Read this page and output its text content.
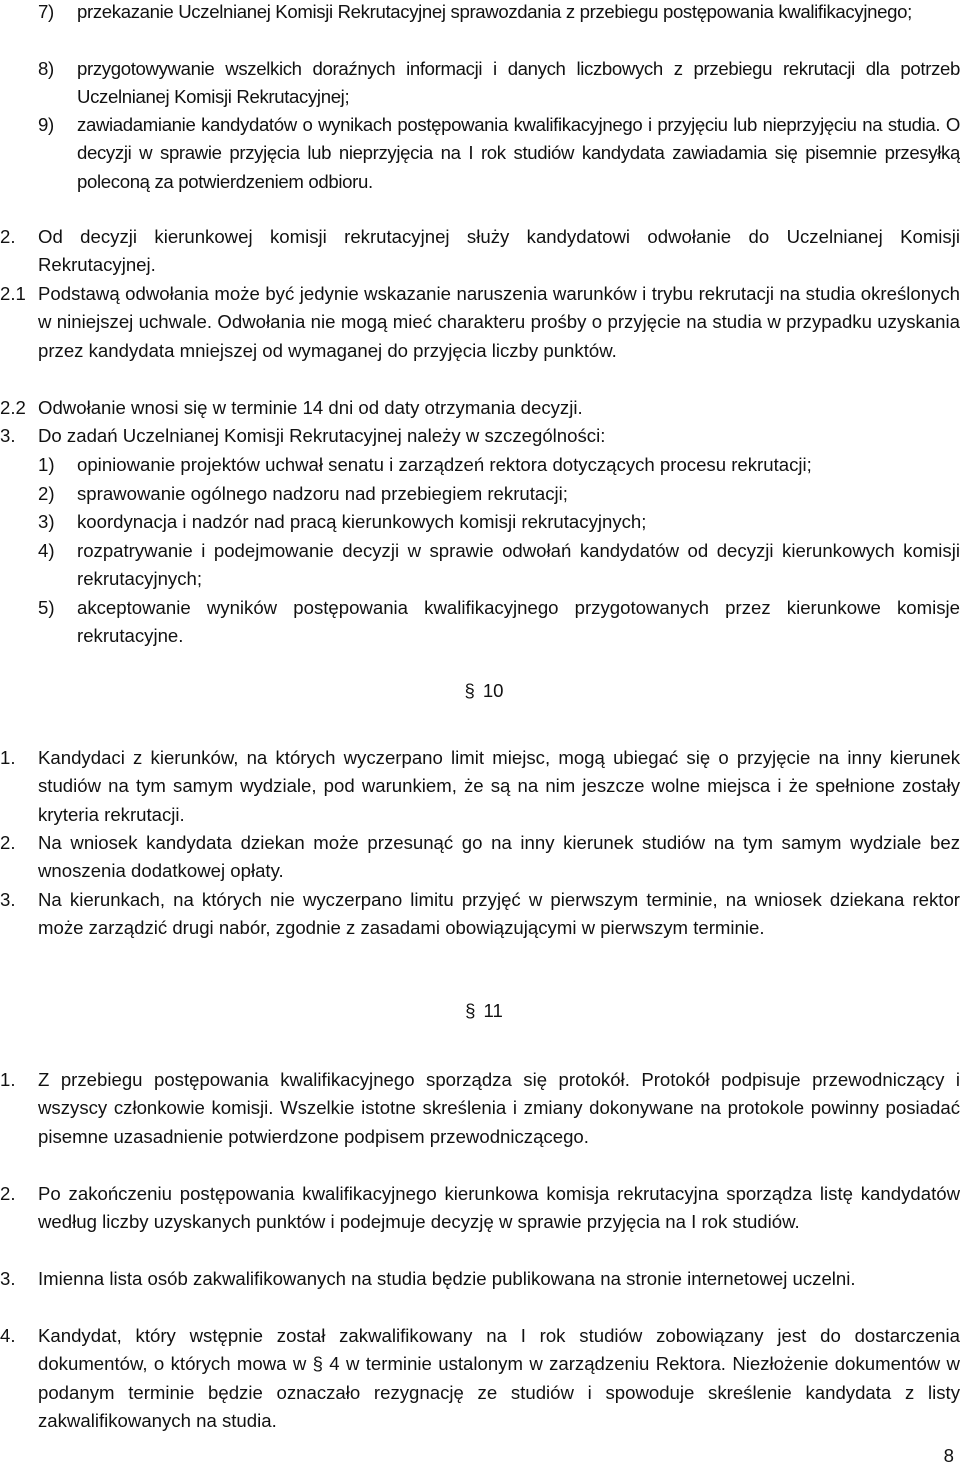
7) przekazanie Uczelnianej Komisji Rekrutacyjnej sprawozdania z przebiegu postępowania kwalifikacyjnego;
8) przygotowywanie wszelkich doraźnych informacji i danych liczbowych z przebiegu rekrutacji dla potrzeb Uczelnianej Komisji Rekrutacyjnej;
9) zawiadamianie kandydatów o wynikach postępowania kwalifikacyjnego i przyjęciu lub nieprzyjęciu na studia. O decyzji w sprawie przyjęcia lub nieprzyjęcia na I rok studiów kandydata zawiadamia się pisemnie przesyłką poleconą za potwierdzeniem odbioru.
2. Od decyzji kierunkowej komisji rekrutacyjnej służy kandydatowi odwołanie do Uczelnianej Komisji Rekrutacyjnej.
2.1 Podstawą odwołania może być jedynie wskazanie naruszenia warunków i trybu rekrutacji na studia określonych w niniejszej uchwale. Odwołania nie mogą mieć charakteru prośby o przyjęcie na studia w przypadku uzyskania przez kandydata mniejszej od wymaganej do przyjęcia liczby punktów.
2.2 Odwołanie wnosi się w terminie 14 dni od daty otrzymania decyzji.
3. Do zadań Uczelnianej Komisji Rekrutacyjnej należy w szczególności:
1) opiniowanie projektów uchwał senatu i zarządzeń rektora dotyczących procesu rekrutacji;
2) sprawowanie ogólnego nadzoru nad przebiegiem rekrutacji;
3) koordynacja i nadzór nad pracą kierunkowych komisji rekrutacyjnych;
4) rozpatrywanie i podejmowanie decyzji w sprawie odwołań kandydatów od decyzji kierunkowych komisji rekrutacyjnych;
5) akceptowanie wyników postępowania kwalifikacyjnego przygotowanych przez kierunkowe komisje rekrutacyjne.
§ 10
1. Kandydaci z kierunków, na których wyczerpano limit miejsc, mogą ubiegać się o przyjęcie na inny kierunek studiów na tym samym wydziale, pod warunkiem, że są na nim jeszcze wolne miejsca i że spełnione zostały kryteria rekrutacji.
2. Na wniosek kandydata dziekan może przesunąć go na inny kierunek studiów na tym samym wydziale bez wnoszenia dodatkowej opłaty.
3. Na kierunkach, na których nie wyczerpano limitu przyjęć w pierwszym terminie, na wniosek dziekana rektor może zarządzić drugi nabór, zgodnie z zasadami obowiązującymi w pierwszym terminie.
§ 11
1. Z przebiegu postępowania kwalifikacyjnego sporządza się protokół. Protokół podpisuje przewodniczący i wszyscy członkowie komisji. Wszelkie istotne skreślenia i zmiany dokonywane na protokole powinny posiadać pisemne uzasadnienie potwierdzone podpisem przewodniczącego.
2. Po zakończeniu postępowania kwalifikacyjnego kierunkowa komisja rekrutacyjna sporządza listę kandydatów według liczby uzyskanych punktów i podejmuje decyzję w sprawie przyjęcia na I rok studiów.
3. Imienna lista osób zakwalifikowanych na studia będzie publikowana na stronie internetowej uczelni.
4. Kandydat, który wstępnie został zakwalifikowany na I rok studiów zobowiązany jest do dostarczenia dokumentów, o których mowa w § 4 w terminie ustalonym w zarządzeniu Rektora. Niezłożenie dokumentów w podanym terminie będzie oznaczało rezygnację ze studiów i spowoduje skreślenie kandydata z listy zakwalifikowanych na studia.
8
